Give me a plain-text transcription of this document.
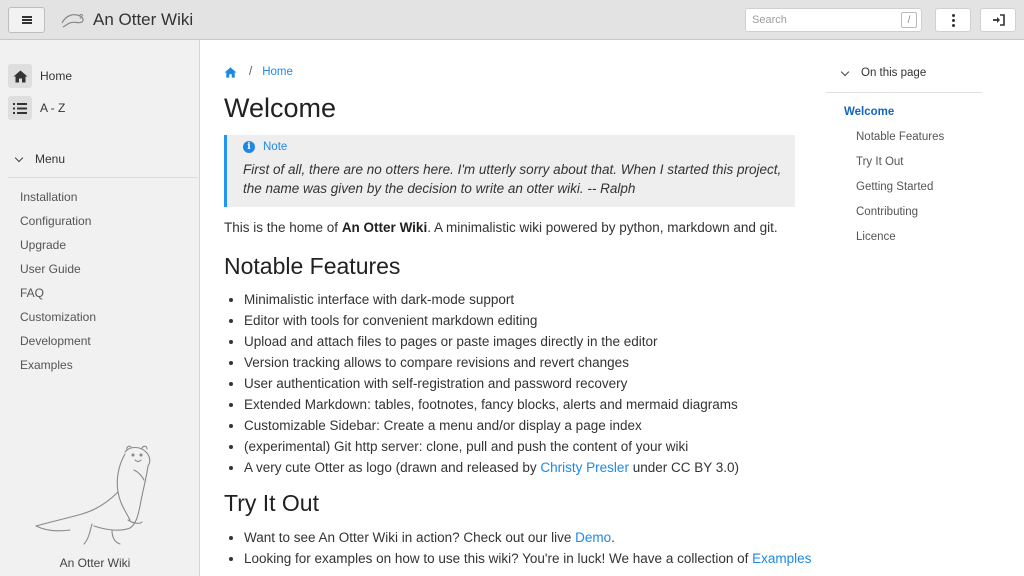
An Otter Wiki
Search	/
Home
A - Z
Menu
Installation
Configuration
Upgrade
User Guide
FAQ
Customization
Development
Examples
An Otter Wiki
/ Home
Welcome
i	Note
First of all, there are no otters here. I'm utterly sorry about that. When I started this project, the name was given by the decision to write an otter wiki. -- Ralph
This is the home of An Otter Wiki. A minimalistic wiki powered by python, markdown and git.
Notable Features
• Minimalistic interface with dark-mode support
• Editor with tools for convenient markdown editing
• Upload and attach files to pages or paste images directly in the editor
• Version tracking allows to compare revisions and revert changes
• User authentication with self-registration and password recovery
• Extended Markdown: tables, footnotes, fancy blocks, alerts and mermaid diagrams
• Customizable Sidebar: Create a menu and/or display a page index
• (experimental) Git http server: clone, pull and push the content of your wiki
• A very cute Otter as logo (drawn and released by Christy Presler under CC BY 3.0)
Try It Out
• Want to see An Otter Wiki in action? Check out our live Demo.
• Looking for examples on how to use this wiki? You're in luck! We have a collection of Examples
On this page
Welcome
Notable Features
Try It Out
Getting Started
Contributing
Licence
